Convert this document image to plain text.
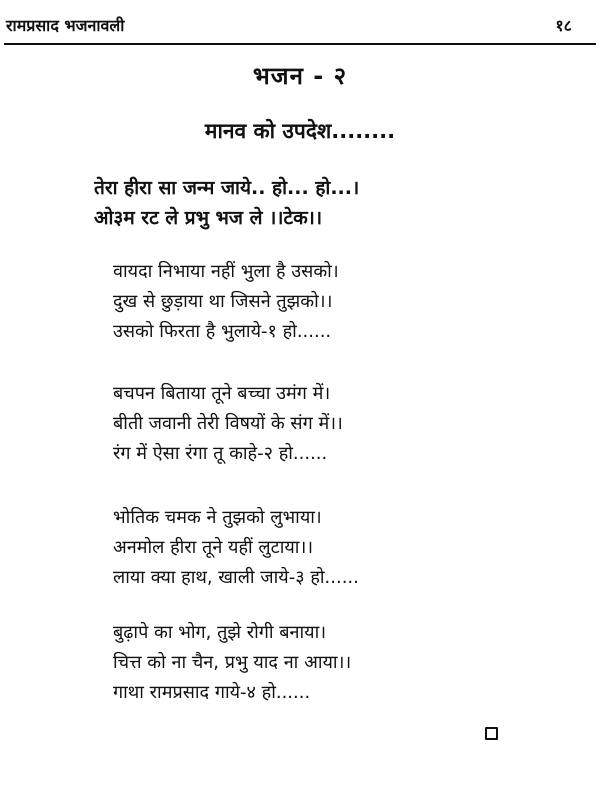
रामप्रसाद भजनावली	१८
भजन - २
मानव को उपदेश........
तेरा हीरा सा जन्म जाये.. हो... हो...।
ओ३म रट ले प्रभु भज ले ।।टेक।।
वायदा निभाया नहीं भुला है उसको।
दुख से छुड़ाया था जिसने तुझको।।
उसको फिरता है भुलाये-१ हो......
बचपन बिताया तूने बच्चा उमंग में।
बीती जवानी तेरी विषयों के संग में।।
रंग में ऐसा रंगा तू काहे-२ हो......
भोतिक चमक ने तुझको लुभाया।
अनमोल हीरा तूने यहीं लुटाया।।
लाया क्या हाथ, खाली जाये-३ हो......
बुढ़ापे का भोग, तुझे रोगी बनाया।
चित्त को ना चैन, प्रभु याद ना आया।।
गाथा रामप्रसाद गाये-४ हो......
